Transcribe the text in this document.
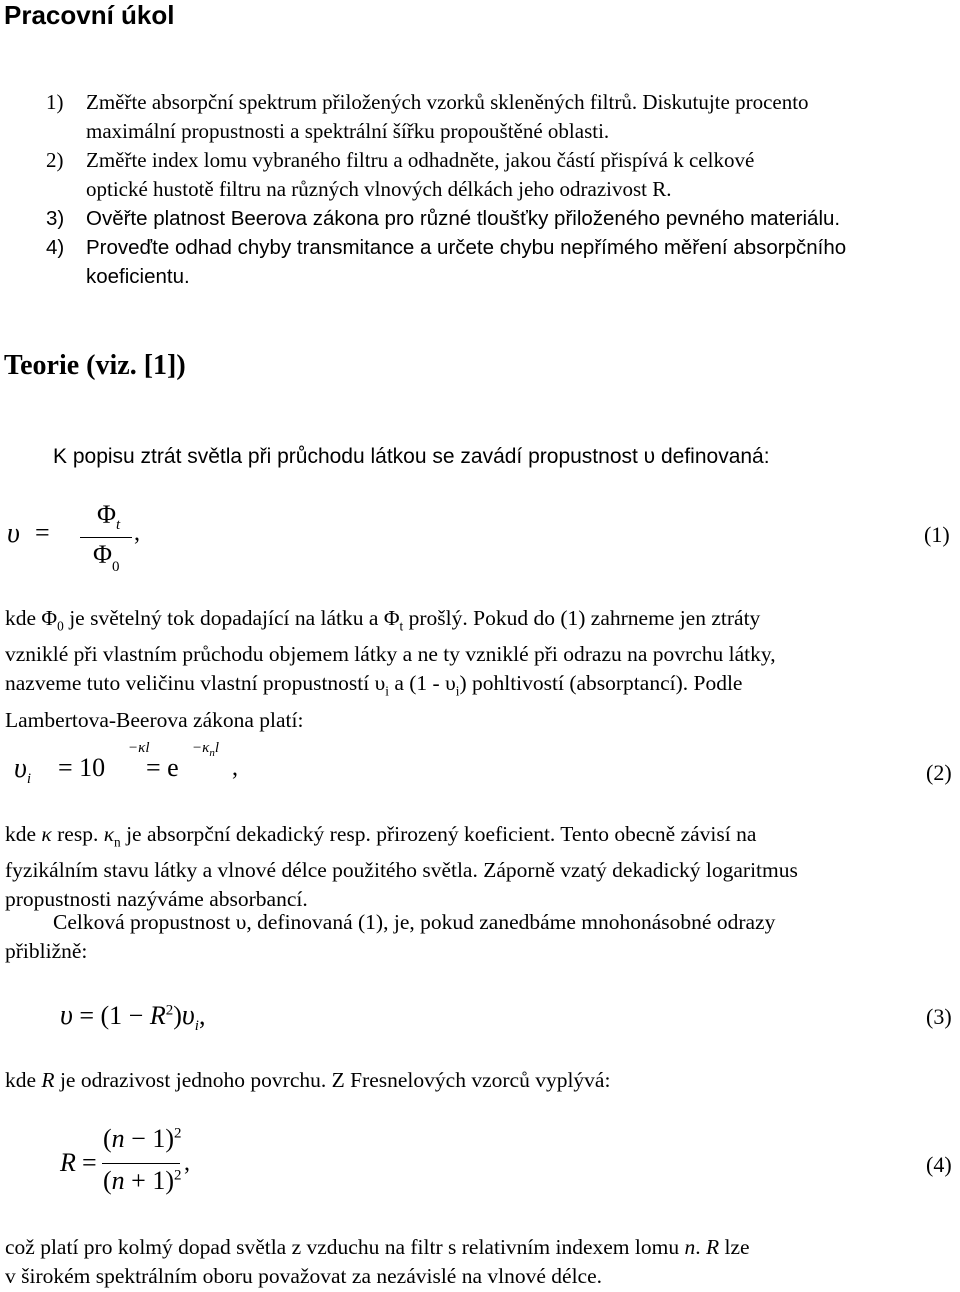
Pracovní úkol
1) Změřte absorpční spektrum přiložených vzorků skleněných filtrů. Diskutujte procento
maximální propustnosti a spektrální šířku propouštěné oblasti.
2) Změřte index lomu vybraného filtru a odhadněte, jakou částí přispívá k celkové
optické hustotě filtru na různých vlnových délkách jeho odrazivost R.
3) Ověřte platnost Beerova zákona pro různé tloušťky přiloženého pevného materiálu.
4) Proveďte odhad chyby transmitance a určete chybu nepřímého měření absorpčního
koeficientu.
Teorie (viz. [1])
K popisu ztrát světla při průchodu látkou se zavádí propustnost υ definovaná:
υ =
$\Phi_t$
$\Phi_0$
,	(1)
kde $\Phi_0$ je světelný tok dopadající na látku a $\Phi_t$ prošlý. Pokud do (1) zahrneme jen ztráty
vzniklé při vlastním průchodu objemem látky a ne ty vzniklé při odrazu na povrchu látky,
nazveme tuto veličinu vlastní propustností $\upsilon_i$ a $(1 - \upsilon_i)$ pohltivostí (absorptancí). Podle
Lambertova-Beerova zákona platí:
$\upsilon_i = 10$
−κl
= e
$-\kappa_nl$
,	(2)
kde κ resp. $\kappa_n$ je absorpční dekadický resp. přirozený koeficient. Tento obecně závisí na
fyzikálním stavu látky a vlnové délce použitého světla. Záporně vzatý dekadický logaritmus
propustnosti nazýváme absorbancí.
Celková propustnost υ, definovaná (1), je, pokud zanedbáme mnohonásobné odrazy
přibližně:
$\upsilon = (1 - R^2)\upsilon_i$,	(3)
kde R je odrazivost jednoho povrchu. Z Fresnelových vzorců vyplývá:
R =
$(n - 1)^2$
$(n + 1)^2$ ,	(4)
což platí pro kolmý dopad světla z vzduchu na filtr s relativním indexem lomu n. R lze
v širokém spektrálním oboru považovat za nezávislé na vlnové délce.
